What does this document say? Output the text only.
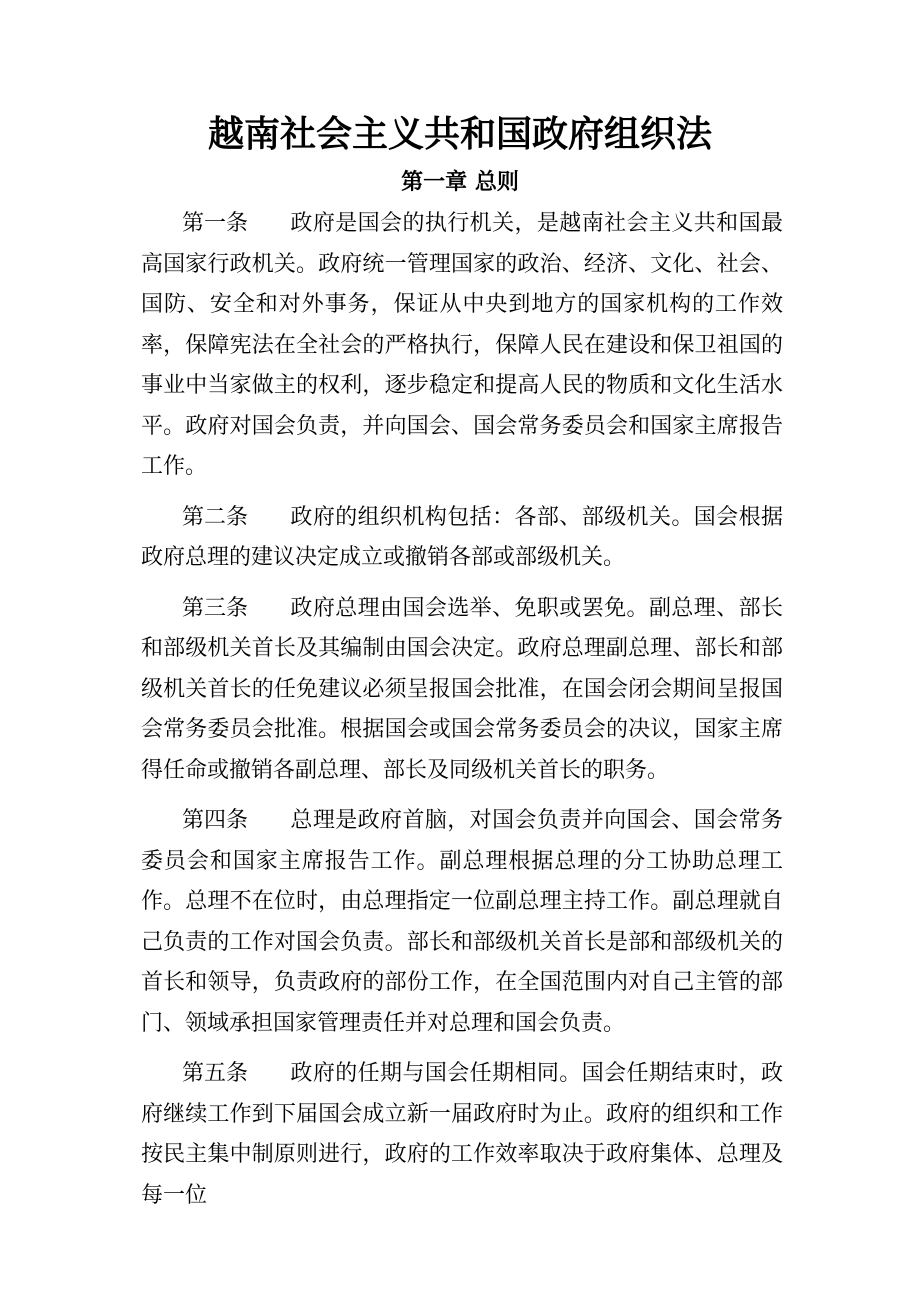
越南社会主义共和国政府组织法
第一章 总则

第一条 政府是国会的执行机关，是越南社会主义共和国最高国家行政机关。政府统一管理国家的政治、经济、文化、社会、国防、安全和对外事务，保证从中央到地方的国家机构的工作效率，保障宪法在全社会的严格执行，保障人民在建设和保卫祖国的事业中当家做主的权利，逐步稳定和提高人民的物质和文化生活水平。政府对国会负责，并向国会、国会常务委员会和国家主席报告工作。

第二条 政府的组织机构包括：各部、部级机关。国会根据政府总理的建议决定成立或撤销各部或部级机关。

第三条 政府总理由国会选举、免职或罢免。副总理、部长和部级机关首长及其编制由国会决定。政府总理副总理、部长和部级机关首长的任免建议必须呈报国会批准，在国会闭会期间呈报国会常务委员会批准。根据国会或国会常务委员会的决议，国家主席得任命或撤销各副总理、部长及同级机关首长的职务。

第四条 总理是政府首脑，对国会负责并向国会、国会常务委员会和国家主席报告工作。副总理根据总理的分工协助总理工作。总理不在位时，由总理指定一位副总理主持工作。副总理就自己负责的工作对国会负责。部长和部级机关首长是部和部级机关的首长和领导，负责政府的部份工作，在全国范围内对自己主管的部门、领域承担国家管理责任并对总理和国会负责。

第五条 政府的任期与国会任期相同。国会任期结束时，政府继续工作到下届国会成立新一届政府时为止。政府的组织和工作按民主集中制原则进行，政府的工作效率取决于政府集体、总理及每一位
